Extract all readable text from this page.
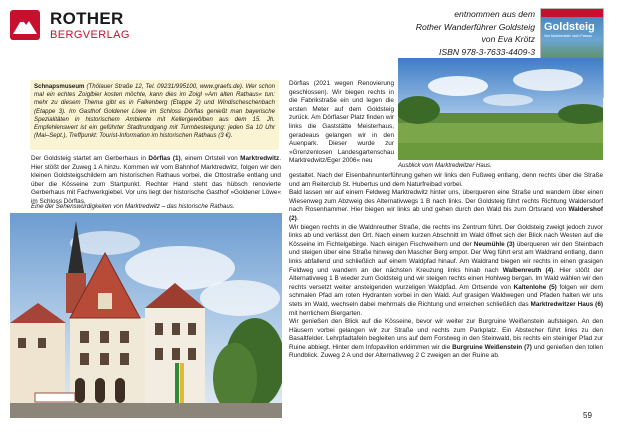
ROTHER
BERGVERLAG
entnommen aus dem
Rother Wanderführer Goldsteig
von Eva Krötz
ISBN 978-3-7633-4409-3
Goldsteig
Von Marktredwitz nach Passau
Schnapsmuseum (Thölauer Straße 12, Tel. 09231/995100, www.graefs.de). Wer schon mal ein echtes Zoiglbier kosten möchte, kann dies im Zoigl »Am alten Rathaus« tun: mehr zu diesem Thema gibt es in Falkenberg (Etappe 2) und Windischeschenbach (Etappe 3). Im Gasthof Goldener Löwe im Schloss Dörflas genießt man bayerische Spezialitäten in historischem Ambiente mit Kellergewölben aus dem 15. Jh. Empfehlenswert ist ein geführter Stadtrundgang mit Turmbesteigung: jeden Sa 10 Uhr (Mai–Sept.), Treffpunkt: Tourist-Information im historischen Rathaus (3 €).
Der Goldsteig startet am Gerberhaus in Dörflas (1), einem Ortsteil von Marktredwitz. Hier stößt der Zuweg 1 A hinzu. Kommen wir vom Bahnhof Marktredwitz, folgen wir den kleinen Goldsteigschildern am historischen Rathaus vorbei, die Ottostraße entlang und über die Kösseine zum Startpunkt. Rechter Hand steht das hübsch renovierte Gerberhaus mit Fachwerkgiebel. Vor uns liegt der historische Gasthof »Goldener Löwe« im Schloss Dörflas.
Eine der Sehenswürdigkeiten von Marktredwitz – das historische Rathaus.
Dörflas (2021 wegen Renovierung geschlossen). Wir biegen rechts in die Fabrikstraße ein und legen die ersten Meter auf dem Goldsteig zurück. Am Dörflaser Platz finden wir links die Gaststätte Meisterhaus, geradeaus gelangen wir in den Auenpark. Dieser wurde zur »Grenzenlosen Landesgartenschau Marktredwitz/Eger 2006« neu
Ausblick vom Marktredwitzer Haus.
gestaltet. Nach der Eisenbahnunterführung gehen wir links den Fußweg entlang, denn rechts über die Straße und am Reiterclub St. Hubertus und dem Naturfreibad vorbei.
Bald lassen wir auf einem Feldweg Marktredwitz hinter uns, überqueren eine Straße und wandern über einen Wiesenweg zum Abzweig des Alternativwegs 1 B nach links. Der Goldsteig führt rechts Richtung Waldersdorf nach Rosenhammer. Hier biegen wir links ab und gehen durch den Wald bis zum Ortsrand von Waldershof (2).
Wir biegen rechts in die Waldnreuther Straße, die rechts ins Zentrum führt. Der Goldsteig zweigt jedoch zuvor links ab und verlässt den Ort. Nach einem kurzen Abschnitt im Wald öffnet sich der Blick nach Westen auf die Kösseine im Fichtelgebirge. Nach einigen Fischweihern und der Neumühle (3) überqueren wir den Steinbach und steigen über eine Straße hinweg den Mascher Berg empor. Der Weg führt erst am Waldrand entlang, dann links abfallend und schließlich auf einem Waldpfad hinauf. Am Waldrand biegen wir rechts in einen grasigen Feldweg und wandern an der nächsten Kreuzung links hinab nach Walbenreuth (4). Hier stößt der Alternativweg 1 B wieder zum Goldsteig und wir steigen rechts einen Hohlweg bergan. Im Wald wählen wir den rechts versetzt weiter ansteigenden wurzeligen Waldpfad. Am Ortsende von Kaltenlohe (5) folgen wir dem schmalen Pfad am roten Hydranten vorbei in den Wald. Auf grasigen Waldwegen und Pfaden halten wir uns stets im Wald, wechseln dabei mehrmals die Richtung und erreichen schließlich das Marktredwitzer Haus (6) mit herrlichem Biergarten.
Wir genießen den Blick auf die Kösseine, bevor wir weiter zur Burgruine Weißenstein aufsteigen. An den Häusern vorbei gelangen wir zur Straße und rechts zum Parkplatz. Ein Abstecher führt links zu den Basaltfelder. Lehrpfadtafeln begleiten uns auf dem Forstweg in den Steinwald, bis rechts ein steiniger Pfad zur Ruine abbiegt. Hinter dem Infopavillon erklimmen wir die Burgruine Weißenstein (7) und genießen den tollen Rundblick. Zuweg 2 A und der Alternativweg 2 C zweigen an der Ruine ab.
59
